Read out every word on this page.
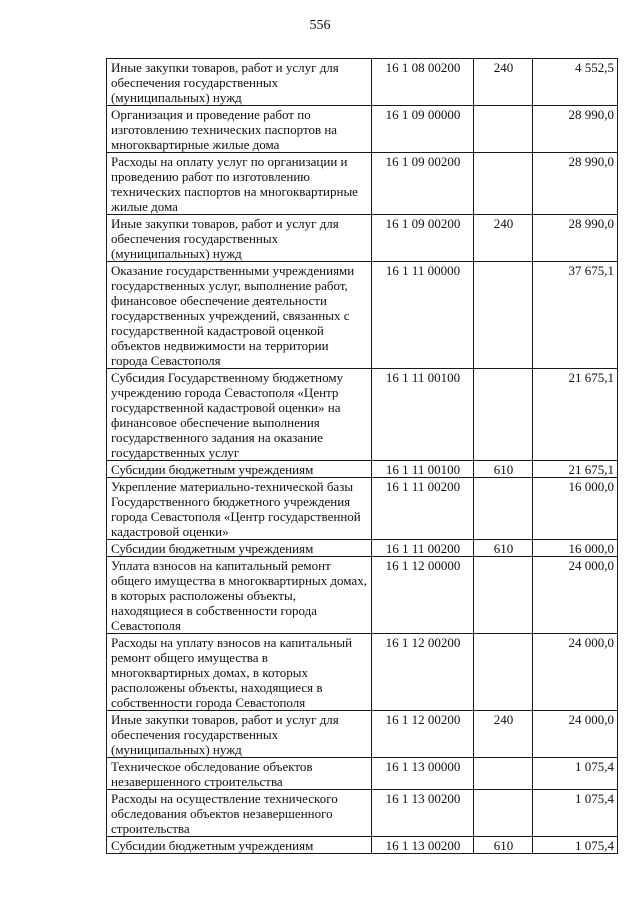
556
Иные закупки товаров, работ и услуг для обеспечения государственных (муниципальных) нужд	16 1 08 00200	240	4 552,5
Организация и проведение работ по изготовлению технических паспортов на многоквартирные жилые дома	16 1 09 00000		28 990,0
Расходы на оплату услуг по организации и проведению работ по изготовлению технических паспортов на многоквартирные жилые дома	16 1 09 00200		28 990,0
Иные закупки товаров, работ и услуг для обеспечения государственных (муниципальных) нужд	16 1 09 00200	240	28 990,0
Оказание государственными учреждениями государственных услуг, выполнение работ, финансовое обеспечение деятельности государственных учреждений, связанных с государственной кадастровой оценкой объектов недвижимости на территории города Севастополя	16 1 11 00000		37 675,1
Субсидия Государственному бюджетному учреждению города Севастополя «Центр государственной кадастровой оценки» на финансовое обеспечение выполнения государственного задания на оказание государственных услуг	16 1 11 00100		21 675,1
Субсидии бюджетным учреждениям	16 1 11 00100	610	21 675,1
Укрепление материально-технической базы Государственного бюджетного учреждения города Севастополя «Центр государственной кадастровой оценки»	16 1 11 00200		16 000,0
Субсидии бюджетным учреждениям	16 1 11 00200	610	16 000,0
Уплата взносов на капитальный ремонт общего имущества в многоквартирных домах, в которых расположены объекты, находящиеся в собственности города Севастополя	16 1 12 00000		24 000,0
Расходы на уплату взносов на капитальный ремонт общего имущества в многоквартирных домах, в которых расположены объекты, находящиеся в собственности города Севастополя	16 1 12 00200		24 000,0
Иные закупки товаров, работ и услуг для обеспечения государственных (муниципальных) нужд	16 1 12 00200	240	24 000,0
Техническое обследование объектов незавершенного строительства	16 1 13 00000		1 075,4
Расходы на осуществление технического обследования объектов незавершенного строительства	16 1 13 00200		1 075,4
Субсидии бюджетным учреждениям	16 1 13 00200	610	1 075,4
